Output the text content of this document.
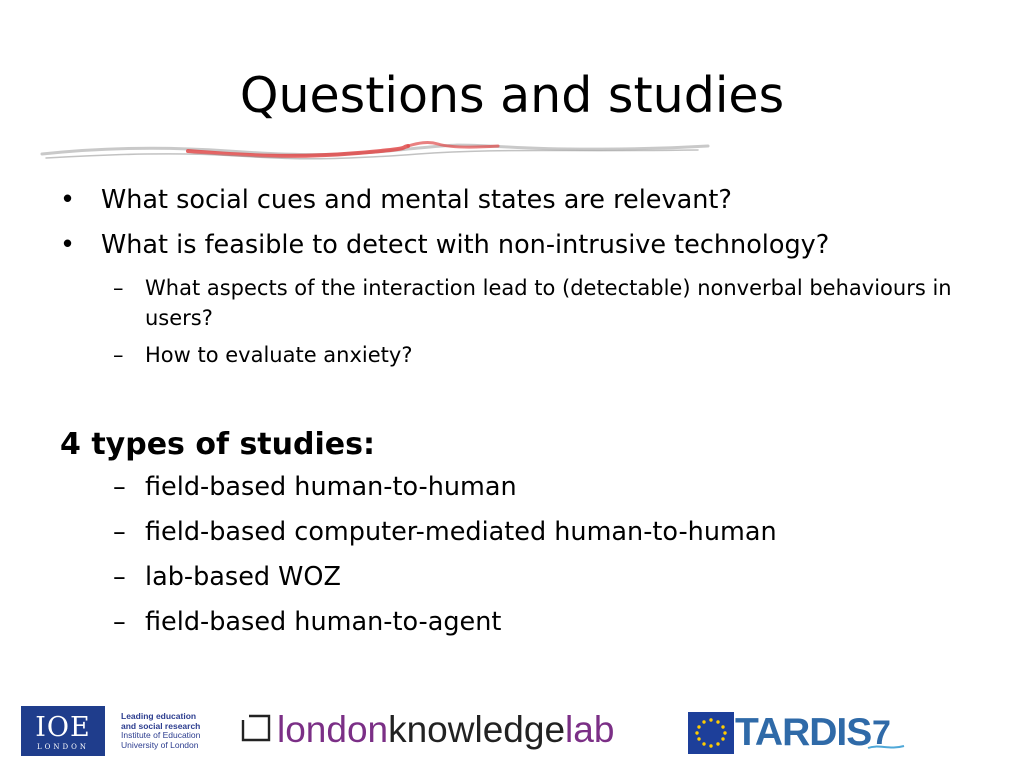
Questions and studies
• What social cues and mental states are relevant?
• What is feasible to detect with non-intrusive technology?
– What aspects of the interaction lead to (detectable) nonverbal behaviours in users?
– How to evaluate anxiety?
4 types of studies:
– field-based human-to-human
– field-based computer-mediated human-to-human
– lab-based WOZ
– field-based human-to-agent
IOE
LONDON
Leading education
and social research
Institute of Education
University of London londonknowledgelab	TARDIS 7
